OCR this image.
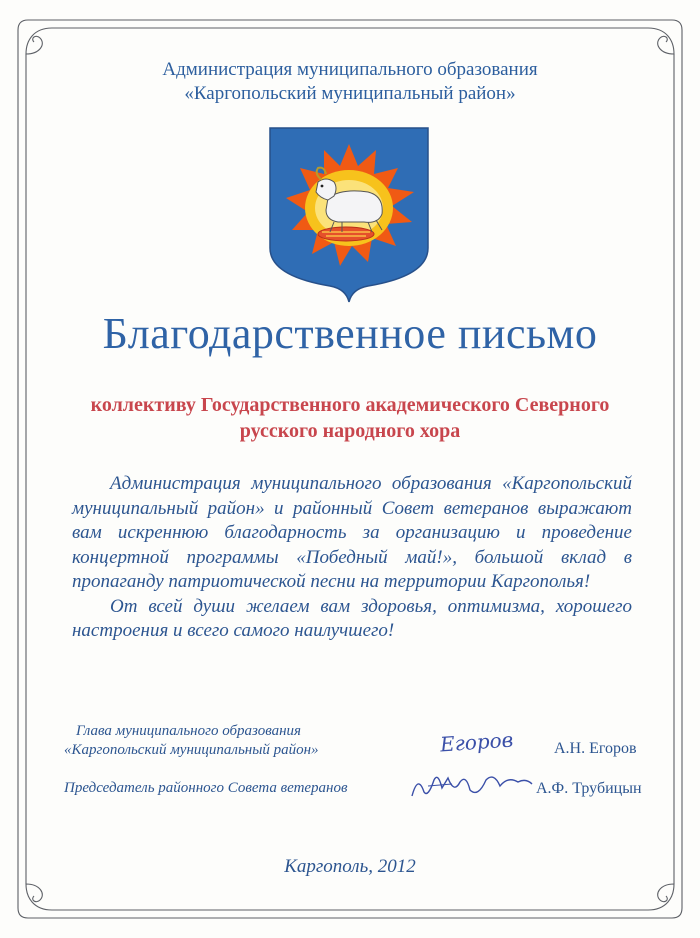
Администрация муниципального образования
«Каргопольский муниципальный район»
Благодарственное письмо
коллективу Государственного академического Северного
русского народного хора

Администрация муниципального образования «Каргопольский муниципальный район» и районный Совет ветеранов выражают вам искреннюю благодарность за организацию и проведение концертной программы «Победный май!», большой вклад в пропаганду патриотической песни на территории Каргополья!

От всей души желаем вам здоровья, оптимизма, хорошего настроения и всего самого наилучшего!

Глава муниципального образования
«Каргопольский муниципальный район»	Егоров	А.Н. Егоров
Председатель районного Совета ветеранов	А.Ф. Трубицын
Каргополь, 2012
